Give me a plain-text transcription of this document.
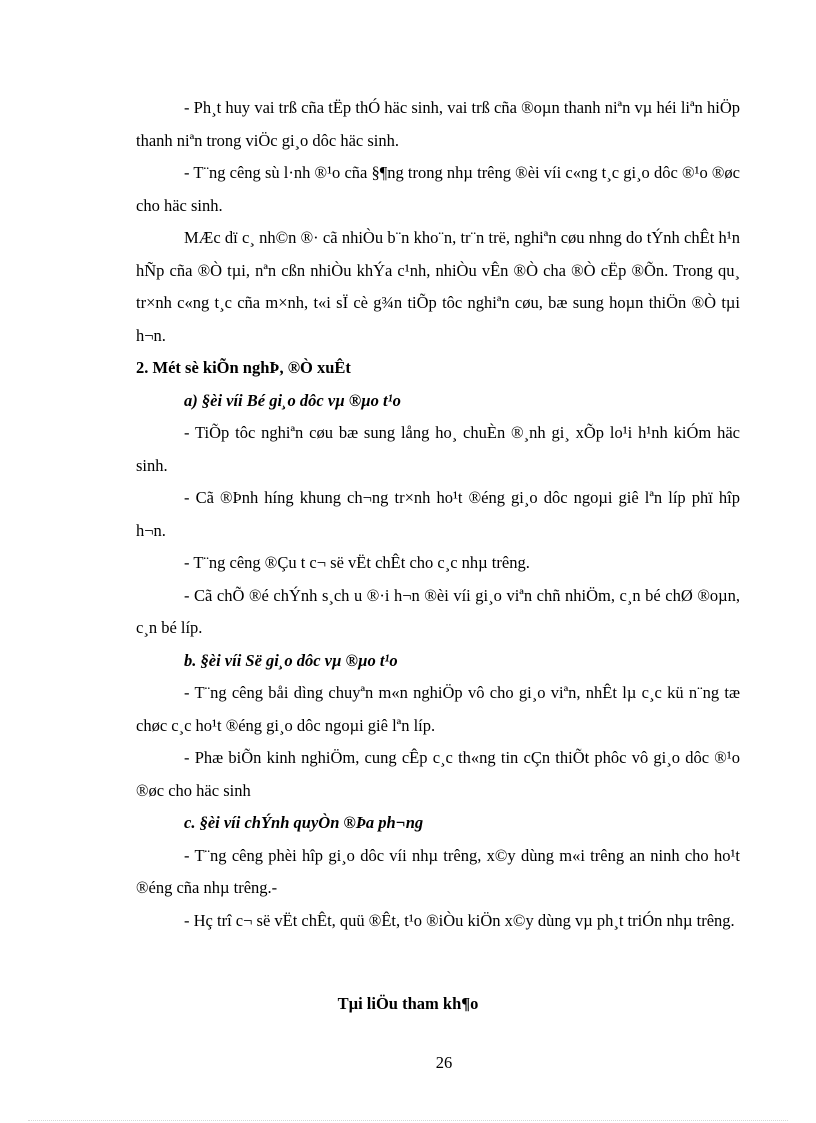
- Ph¸t huy vai trß cña tËp thÓ häc sinh, vai trß cña ®oµn thanh niªn vµ héi liªn hiÖp thanh niªn trong viÖc gi¸o dôc häc sinh.

- T¨ng cêng sù l·nh ®¹o cña §¶ng trong nhµ trêng ®èi víi c«ng t¸c gi¸o dôc ®¹o ®øc cho häc sinh.

MÆc dï c¸ nh©n ®· cã nhiÒu b¨n kho¨n, tr¨n trë, nghiªn cøu nhng do tÝnh chÊt h¹n hÑp cña ®Ò tµi, nªn cßn nhiÒu khÝa c¹nh, nhiÒu vÊn ®Ò cha ®Ò cËp ®Õn. Trong qu¸ tr×nh c«ng t¸c cña m×nh, t«i sÏ cè g¾n tiÕp tôc nghiªn cøu, bæ sung hoµn thiÖn ®Ò tµi h¬n.

2. Mét sè kiÕn nghÞ, ®Ò xuÊt

a) §èi víi Bé gi¸o dôc vµ ®µo t¹o

- TiÕp tôc nghiªn cøu bæ sung lång ho¸ chuÈn ®¸nh gi¸ xÕp lo¹i h¹nh kiÓm häc sinh.

- Cã ®Þnh híng khung ch¬ng tr×nh ho¹t ®éng gi¸o dôc ngoµi giê lªn líp phï hîp h¬n.

- T¨ng cêng ®Çu t c¬ së vËt chÊt cho c¸c nhµ trêng.

- Cã chÕ ®é chÝnh s¸ch u ®·i h¬n ®èi víi gi¸o viªn chñ nhiÖm, c¸n bé chØ ®oµn, c¸n bé líp.

b. §èi víi Së gi¸o dôc vµ ®µo t¹o

- T¨ng cêng båi dìng chuyªn m«n nghiÖp vô cho gi¸o viªn, nhÊt lµ c¸c kü n¨ng tæ chøc c¸c ho¹t ®éng gi¸o dôc ngoµi giê lªn líp.

- Phæ biÕn kinh nghiÖm, cung cÊp c¸c th«ng tin cÇn thiÕt phôc vô gi¸o dôc ®¹o ®øc cho häc sinh

c. §èi víi chÝnh quyÒn ®Þa ph¬ng

- T¨ng cêng phèi hîp gi¸o dôc víi nhµ trêng, x©y dùng m«i trêng an ninh cho ho¹t ®éng cña nhµ trêng.-

- Hç trî c¬ së vËt chÊt, quü ®Êt, t¹o ®iÒu kiÖn x©y dùng vµ ph¸t triÓn nhµ trêng.

Tµi liÖu tham kh¶o
26
